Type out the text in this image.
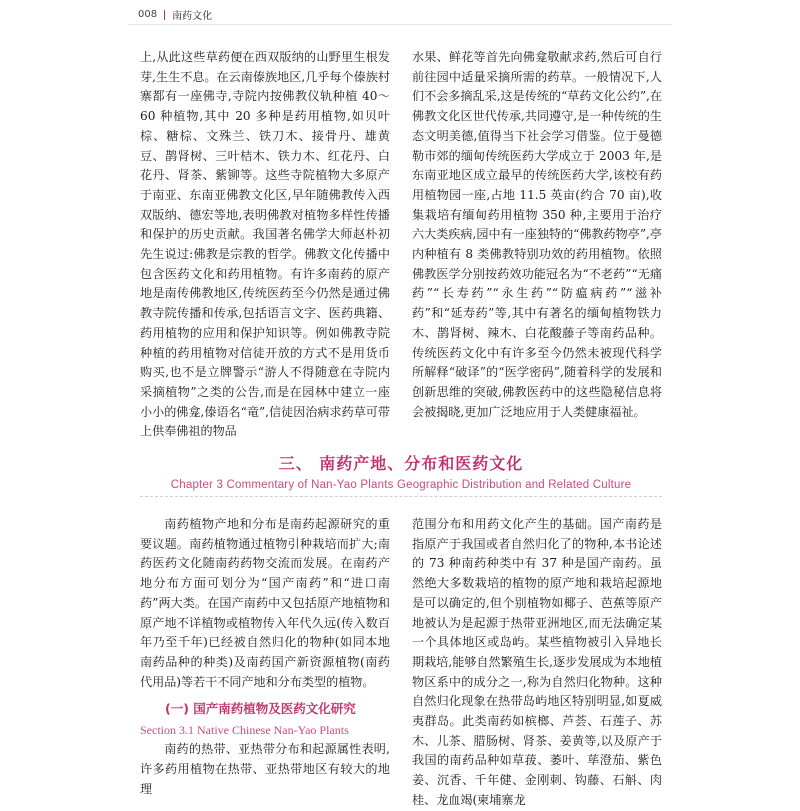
008 南药文化

上,从此这些草药便在西双版纳的山野里生根发芽,生生不息。在云南傣族地区,几乎每个傣族村寨都有一座佛寺,寺院内按佛教仪轨种植 40～60 种植物,其中 20 多种是药用植物,如贝叶棕、糖棕、文殊兰、铁刀木、接骨丹、雄黄豆、鹊肾树、三叶桔木、铁力木、红花丹、白花丹、肾茶、紫铆等。这些寺院植物大多原产于南亚、东南亚佛教文化区,早年随佛教传入西双版纳、德宏等地,表明佛教对植物多样性传播和保护的历史贡献。我国著名佛学大师赵朴初先生说过:佛教是宗教的哲学。佛教文化传播中包含医药文化和药用植物。有许多南药的原产地是南传佛教地区,传统医药至今仍然是通过佛教寺院传播和传承,包括语言文字、医药典籍、药用植物的应用和保护知识等。例如佛教寺院种植的药用植物对信徒开放的方式不是用货币购买,也不是立牌警示“游人不得随意在寺院内采摘植物”之类的公告,而是在园林中建立一座小小的佛龛,傣语名“竜”,信徒因治病求药草可带上供奉佛祖的物品

水果、鲜花等首先向佛龛敬献求药,然后可自行前往园中适量采摘所需的药草。一般情况下,人们不会多摘乱采,这是传统的“草药文化公约”,在佛教文化区世代传承,共同遵守,是一种传统的生态文明美德,值得当下社会学习借鉴。位于曼德勒市郊的缅甸传统医药大学成立于 2003 年,是东南亚地区成立最早的传统医药大学,该校有药用植物园一座,占地 11.5 英亩(约合 70 亩),收集栽培有缅甸药用植物 350 种,主要用于治疗六大类疾病,园中有一座独特的“佛教药物亭”,亭内种植有 8 类佛教特别功效的药用植物。依照佛教医学分别按药效功能冠名为“不老药”“无痛药”“长寿药”“永生药”“防瘟病药”“滋补药”和“延寿药”等,其中有著名的缅甸植物铁力木、鹊肾树、辣木、白花酸藤子等南药品种。传统医药文化中有许多至今仍然未被现代科学所解释“破译”的“医学密码”,随着科学的发展和创新思维的突破,佛教医药中的这些隐秘信息将会被揭晓,更加广泛地应用于人类健康福祉。

三、 南药产地、分布和医药文化
Chapter 3 Commentary of Nan-Yao Plants Geographic Distribution and Related Culture

南药植物产地和分布是南药起源研究的重要议题。南药植物通过植物引种栽培而扩大;南药医药文化随南药药物交流而发展。在南药产地分布方面可划分为“国产南药”和“进口南药”两大类。在国产南药中又包括原产地植物和原产地不详植物或植物传入年代久远(传入数百年乃至千年)已经被自然归化的物种(如同本地南药品种的种类)及南药国产新资源植物(南药代用品)等若干不同产地和分布类型的植物。

(一) 国产南药植物及医药文化研究
Section 3.1 Native Chinese Nan-Yao Plants

南药的热带、亚热带分布和起源属性表明,许多药用植物在热带、亚热带地区有较大的地理

范围分布和用药文化产生的基础。国产南药是指原产于我国或者自然归化了的物种,本书论述的 73 种南药种类中有 37 种是国产南药。虽然绝大多数栽培的植物的原产地和栽培起源地是可以确定的,但个别植物如椰子、芭蕉等原产地被认为是起源于热带亚洲地区,而无法确定某一个具体地区或岛屿。某些植物被引入异地长期栽培,能够自然繁殖生长,逐步发展成为本地植物区系中的成分之一,称为自然归化物种。这种自然归化现象在热带岛屿地区特别明显,如夏威夷群岛。此类南药如槟榔、芦荟、石莲子、苏木、儿茶、腊肠树、肾茶、姜黄等,以及原产于我国的南药品种如草菝、萎叶、荜澄茄、紫色姜、沉香、千年健、金刚刺、钩藤、石斛、肉桂、龙血竭(柬埔寨龙
